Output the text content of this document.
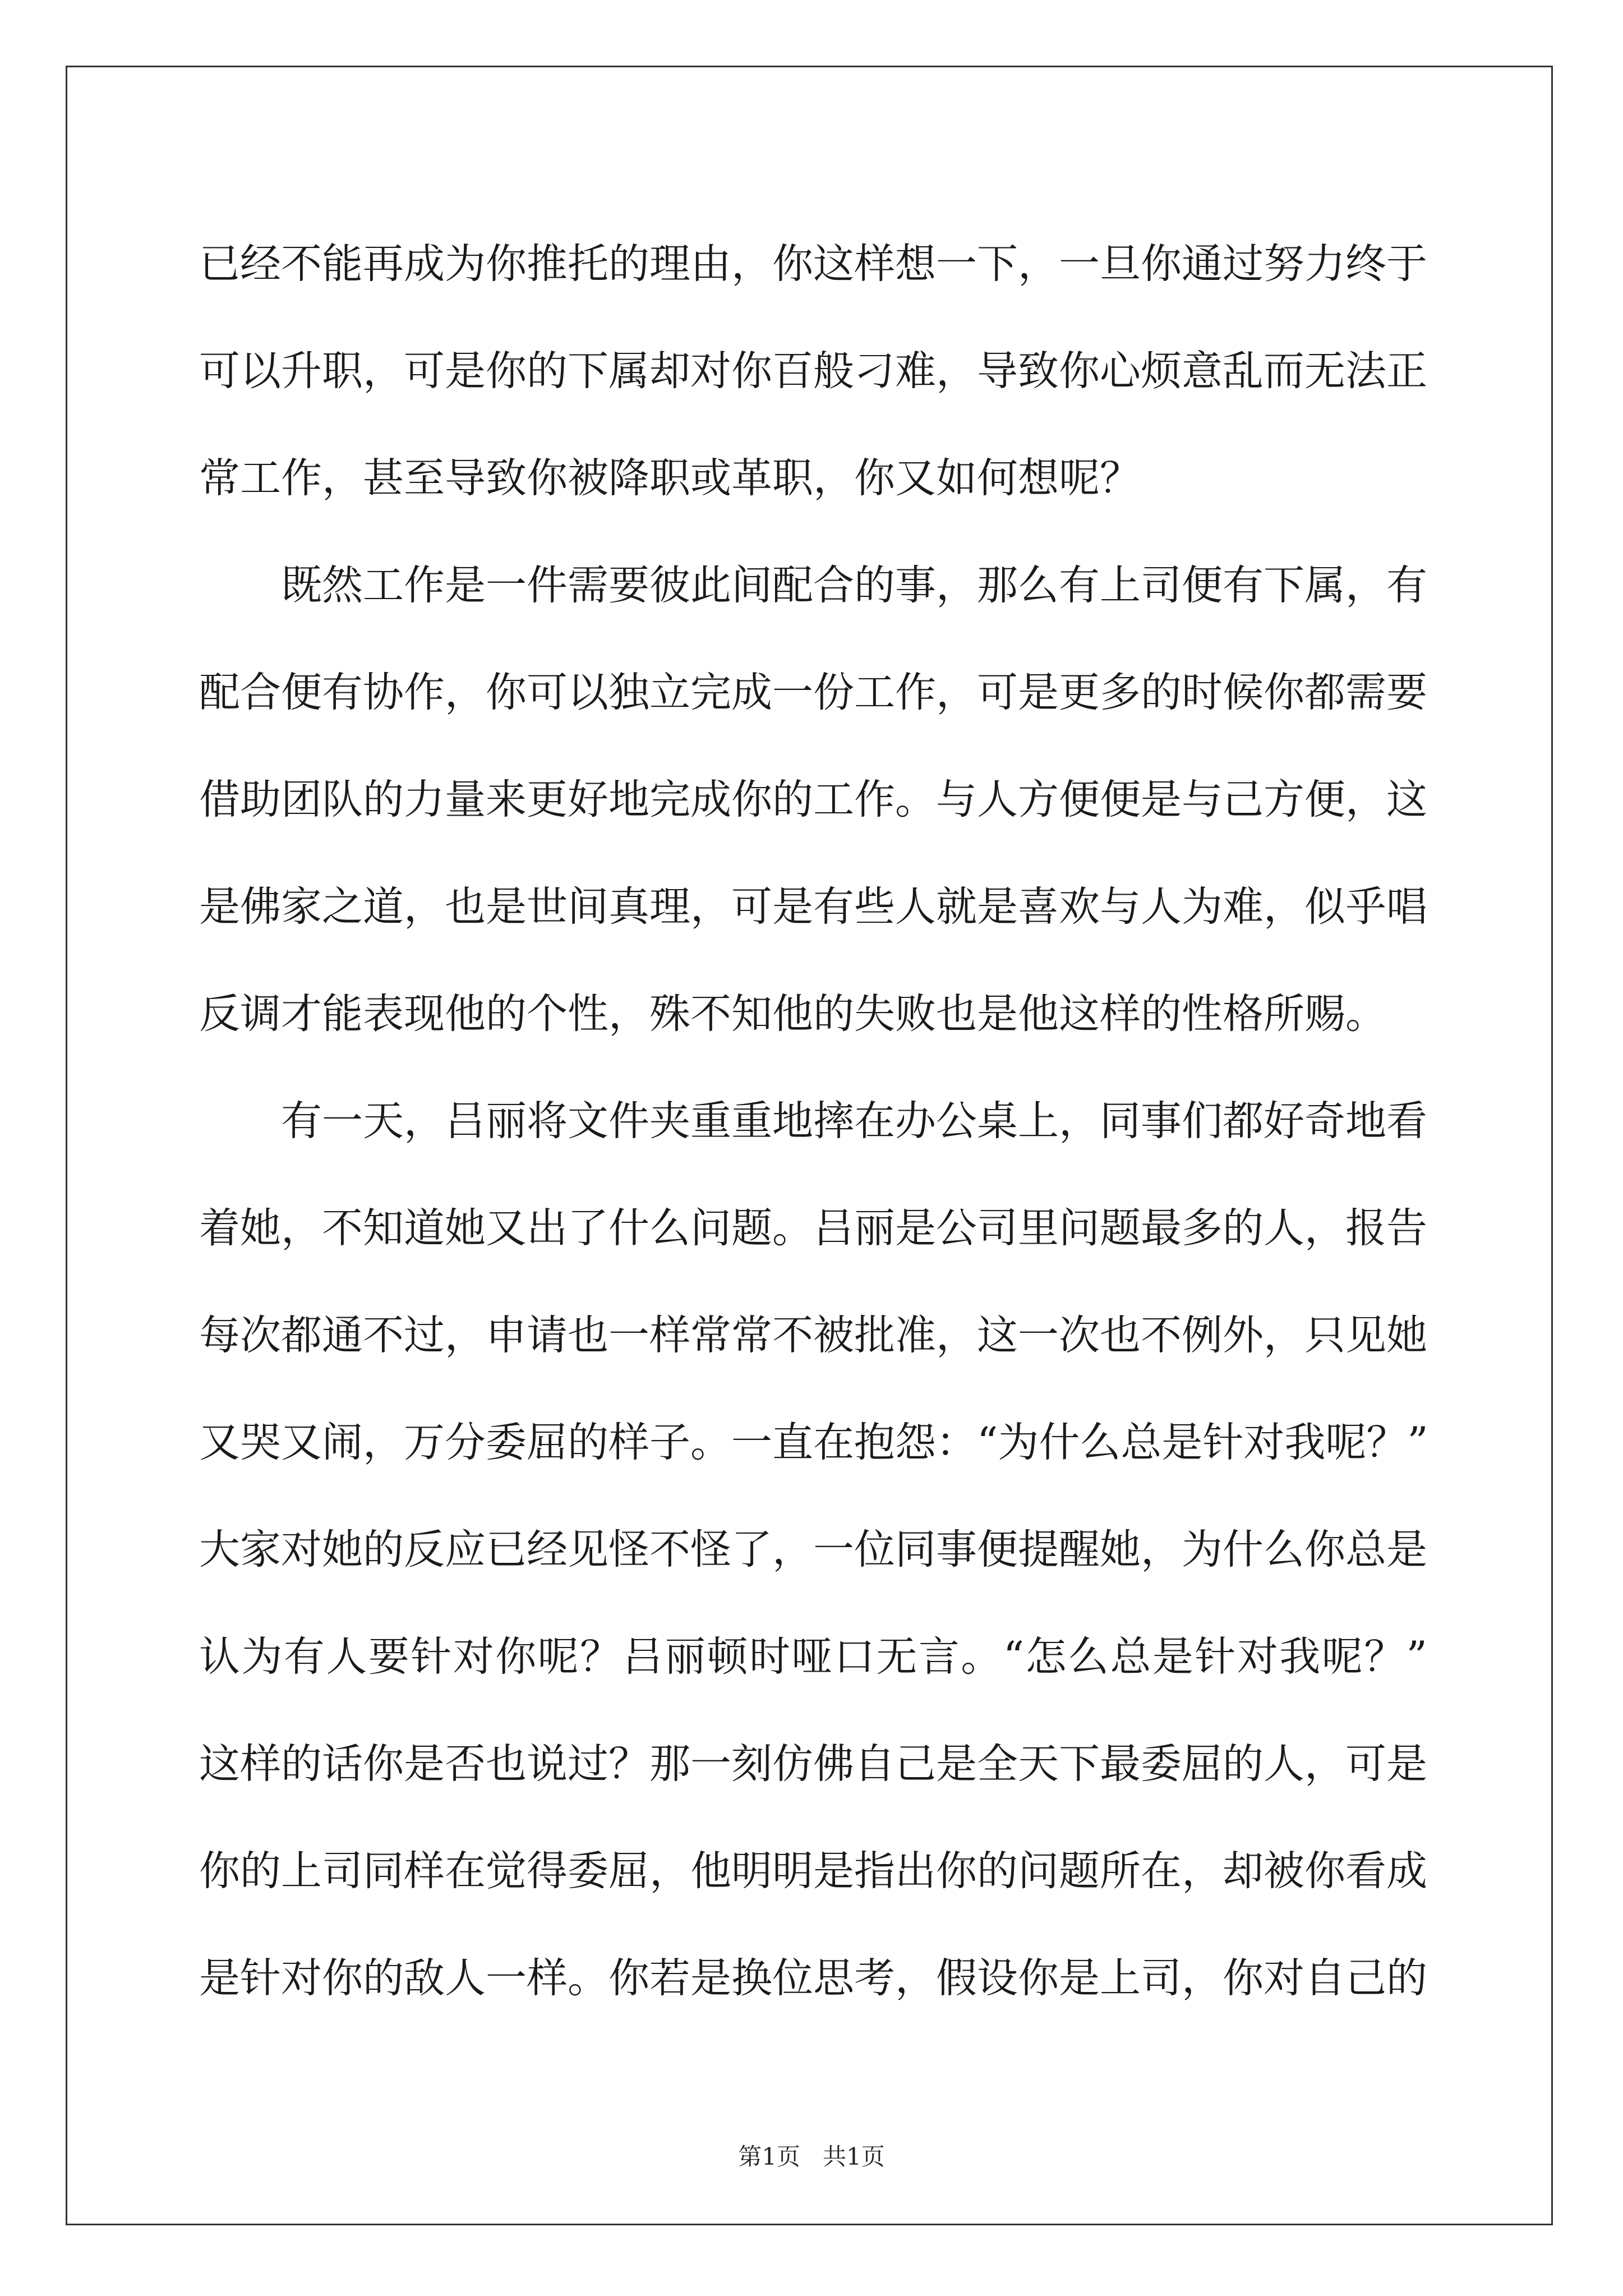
已经不能再成为你推托的理由，你这样想一下，一旦你通过努力终于
可以升职，可是你的下属却对你百般刁难，导致你心烦意乱而无法正
常工作，甚至导致你被降职或革职，你又如何想呢？
既然工作是一件需要彼此间配合的事，那么有上司便有下属，有
配合便有协作，你可以独立完成一份工作，可是更多的时候你都需要
借助团队的力量来更好地完成你的工作。与人方便便是与己方便，这
是佛家之道，也是世间真理，可是有些人就是喜欢与人为难，似乎唱
反调才能表现他的个性，殊不知他的失败也是他这样的性格所赐。
有一天，吕丽将文件夹重重地摔在办公桌上，同事们都好奇地看
着她，不知道她又出了什么问题。吕丽是公司里问题最多的人，报告
每次都通不过，申请也一样常常不被批准，这一次也不例外，只见她
又哭又闹，万分委屈的样子。一直在抱怨：“为什么总是针对我呢？”
大家对她的反应已经见怪不怪了，一位同事便提醒她，为什么你总是
认为有人要针对你呢？吕丽顿时哑口无言。“怎么总是针对我呢？”
这样的话你是否也说过？那一刻仿佛自己是全天下最委屈的人，可是
你的上司同样在觉得委屈，他明明是指出你的问题所在，却被你看成
是针对你的敌人一样。你若是换位思考，假设你是上司，你对自己的
第1页 共1页
